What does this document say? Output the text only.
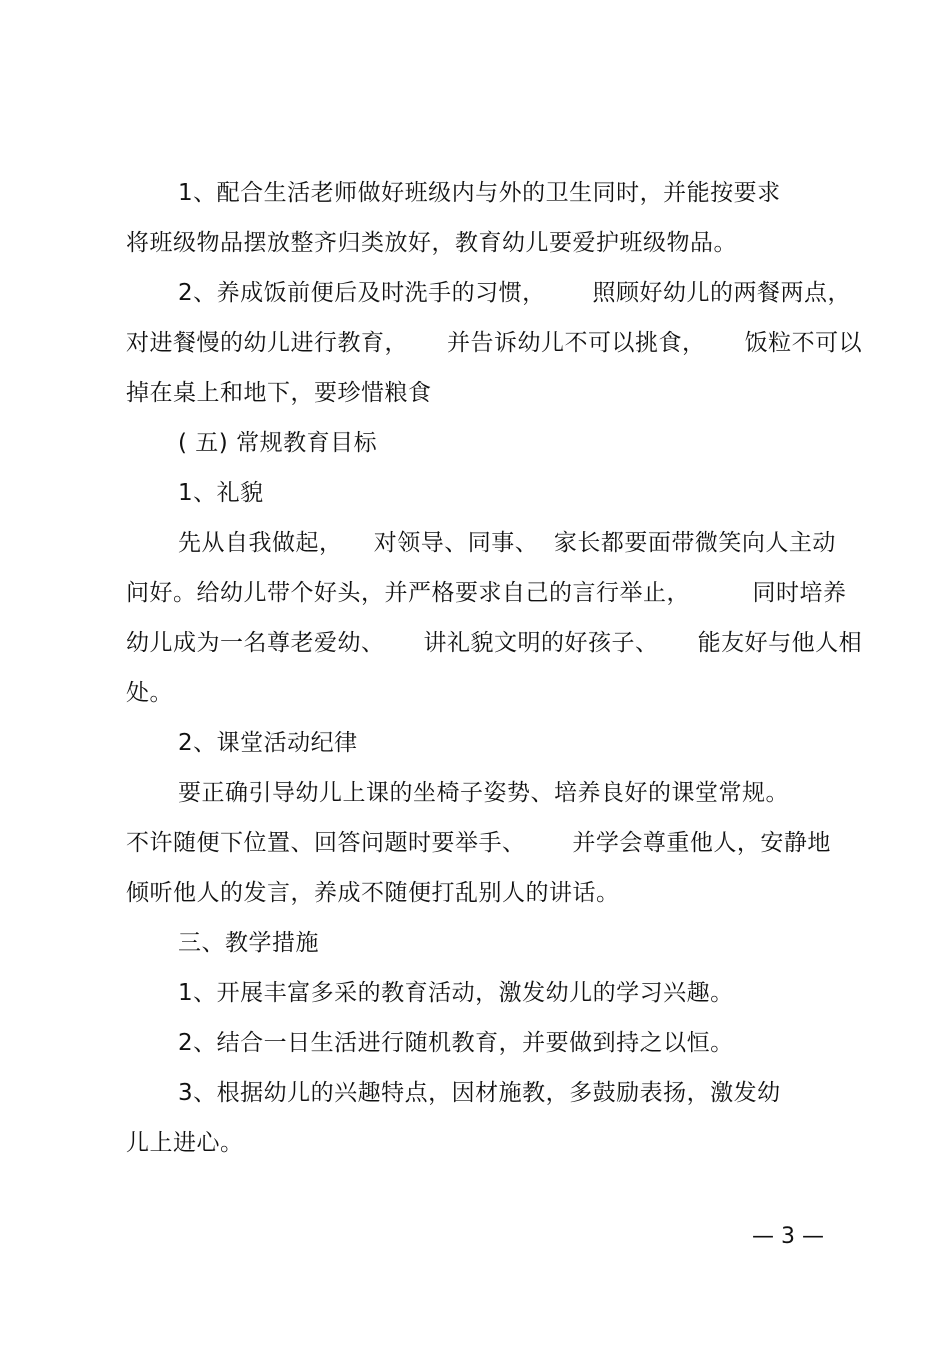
1、配合生活老师做好班级内与外的卫生同时，并能按要求
将班级物品摆放整齐归类放好，教育幼儿要爱护班级物品。
2、养成饭前便后及时洗手的习惯，      照顾好幼儿的两餐两点，
对进餐慢的幼儿进行教育，     并告诉幼儿不可以挑食，     饭粒不可以
掉在桌上和地下，要珍惜粮食
( 五) 常规教育目标
1、礼貌
先从自我做起，    对领导、同事、  家长都要面带微笑向人主动
问好。给幼儿带个好头，并严格要求自己的言行举止，        同时培养
幼儿成为一名尊老爱幼、     讲礼貌文明的好孩子、     能友好与他人相
处。
2、课堂活动纪律
要正确引导幼儿上课的坐椅子姿势、培养良好的课堂常规。
不许随便下位置、回答问题时要举手、      并学会尊重他人，安静地
倾听他人的发言，养成不随便打乱别人的讲话。
三、教学措施
1、开展丰富多采的教育活动，激发幼儿的学习兴趣。
2、结合一日生活进行随机教育，并要做到持之以恒。
3、根据幼儿的兴趣特点，因材施教，多鼓励表扬，激发幼
儿上进心。
— 3 —
